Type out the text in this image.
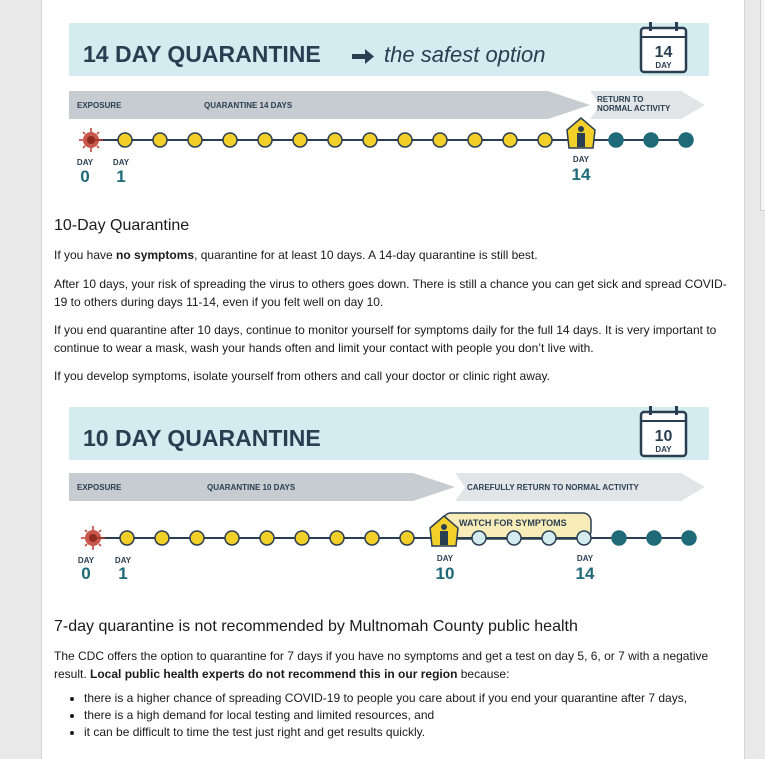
14 DAY QUARANTINE	the safest option	14
DAY
EXPOSURE	QUARANTINE 14 DAYS
RETURN TO
NORMAL ACTIVITY
DAY
0
DAY
1
DAY
14
10-Day Quarantine
If you have no symptoms, quarantine for at least 10 days. A 14-day quarantine is still best.
After 10 days, your risk of spreading the virus to others goes down. There is still a chance you can get sick and spread COVID-19 to others during days 11-14, even if you felt well on day 10.
If you end quarantine after 10 days, continue to monitor yourself for symptoms daily for the full 14 days. It is very important to continue to wear a mask, wash your hands often and limit your contact with people you don’t live with.
If you develop symptoms, isolate yourself from others and call your doctor or clinic right away.
10 DAY QUARANTINE	10
DAY
EXPOSURE	QUARANTINE 10 DAYS	CAREFULLY RETURN TO NORMAL ACTIVITY
WATCH FOR SYMPTOMS
DAY
0
DAY
1
DAY
10
DAY
14
7-day quarantine is not recommended by Multnomah County public health
The CDC offers the option to quarantine for 7 days if you have no symptoms and get a test on day 5, 6, or 7 with a negative result. Local public health experts do not recommend this in our region because:
• there is a higher chance of spreading COVID-19 to people you care about if you end your quarantine after 7 days,
• there is a high demand for local testing and limited resources, and
• it can be difficult to time the test just right and get results quickly.
